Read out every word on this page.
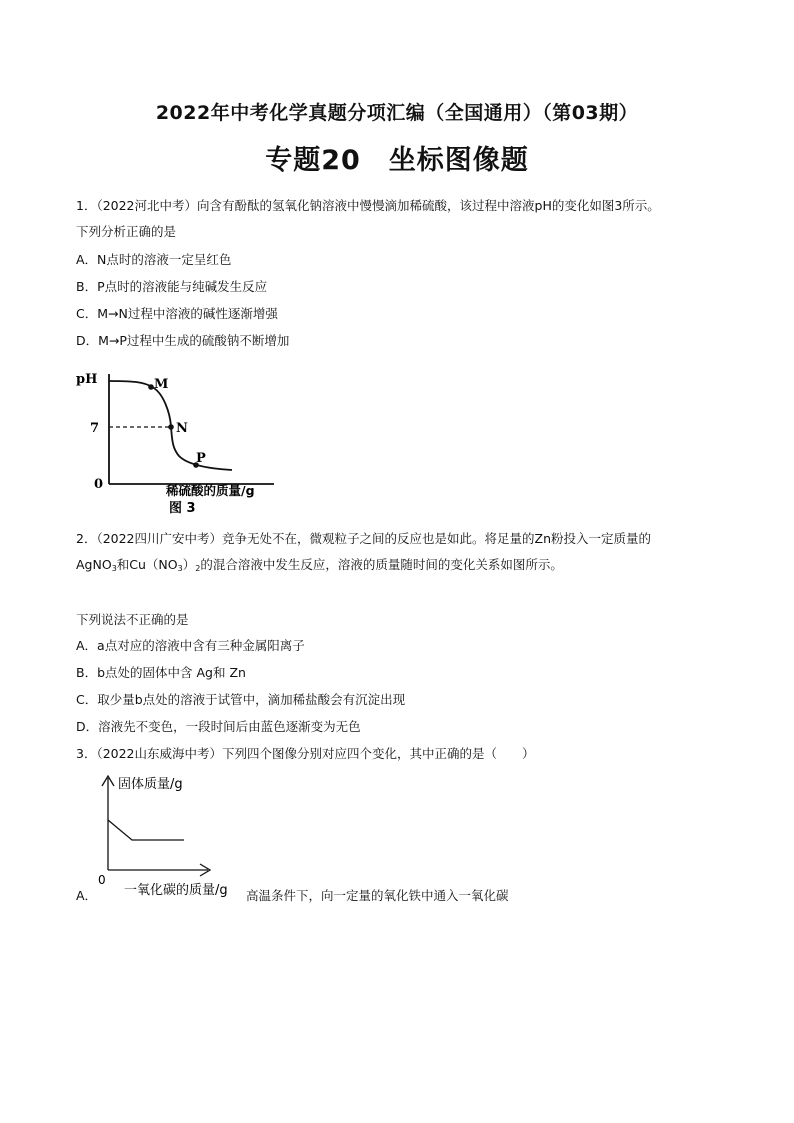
2022年中考化学真题分项汇编（全国通用）（第03期）
专题20　坐标图像题
1．（2022河北中考）向含有酚酞的氢氧化钠溶液中慢慢滴加稀硫酸，该过程中溶液pH的变化如图3所示。
下列分析正确的是
A．N点时的溶液一定呈红色
B．P点时的溶液能与纯碱发生反应
C．M→N过程中溶液的碱性逐渐增强
D．M→P过程中生成的硫酸钠不断增加
pH
7
0
M
N
P
稀硫酸的质量/g
图 3
2．（2022四川广安中考）竞争无处不在，微观粒子之间的反应也是如此。将足量的Zn粉投入一定质量的
AgNO$_3$和$Cu(NO_3)_2$的混合溶液中发生反应，溶液的质量随时间的变化关系如图所示。
下列说法不正确的是
A．a点对应的溶液中含有三种金属阳离子
B．b点处的固体中含 Ag和 Zn
C．取少量b点处的溶液于试管中，滴加稀盐酸会有沉淀出现
D．溶液先不变色，一段时间后由蓝色逐渐变为无色
3．（2022山东威海中考）下列四个图像分别对应四个变化，其中正确的是（　　）
固体质量/g
0
一氧化碳的质量/g
A．	高温条件下，向一定量的氧化铁中通入一氧化碳
